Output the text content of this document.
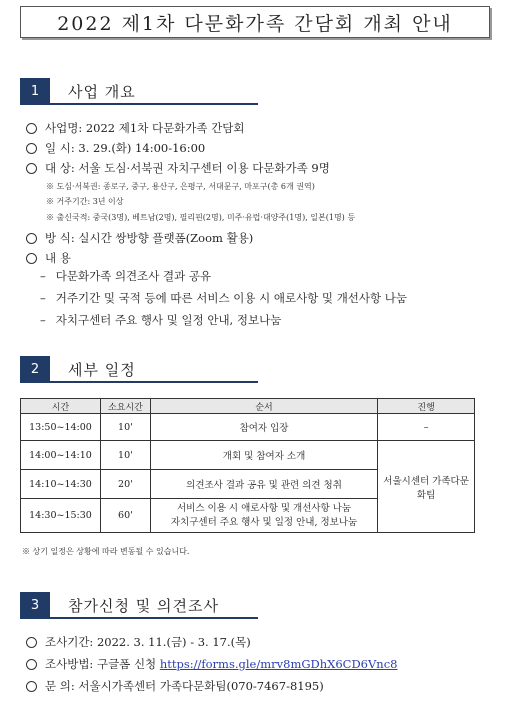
2022 제1차 다문화가족 간담회 개최 안내
1	사업 개요
사업명: 2022 제1차 다문화가족 간담회
일 시: 3. 29.(화) 14:00-16:00
대 상: 서울 도심·서북권 자치구센터 이용 다문화가족 9명
※ 도심·서북권: 종로구, 중구, 용산구, 은평구, 서대문구, 마포구(총 6개 권역)
※ 거주기간: 3년 이상
※ 출신국적: 중국(3명), 베트남(2명), 필리핀(2명), 미주·유럽·대양주(1명), 일본(1명) 등
방 식: 실시간 쌍방향 플랫폼(Zoom 활용)
내 용
– 다문화가족 의견조사 결과 공유
– 거주기간 및 국적 등에 따른 서비스 이용 시 애로사항 및 개선사항 나눔
– 자치구센터 주요 행사 및 일정 안내, 정보나눔
2	세부 일정
시간	소요시간	순서	진행
13:50~14:00	10'	참여자 입장	–
14:00~14:10	10'	개회 및 참여자 소개	서울시센터 가족다문화팀
14:10~14:30	20'	의견조사 결과 공유 및 관련 의견 청취	
14:30~15:30	60'	서비스 이용 시 애로사항 및 개선사항 나눔
자치구센터 주요 행사 및 일정 안내, 정보나눔	
※ 상기 일정은 상황에 따라 변동될 수 있습니다.
3	참가신청 및 의견조사
조사기간: 2022. 3. 11.(금) - 3. 17.(목)
조사방법: 구글폼 신청
https://forms.gle/mrv8mGDhX6CD6Vnc8
문 의: 서울시가족센터 가족다문화팀(070-7467-8195)
